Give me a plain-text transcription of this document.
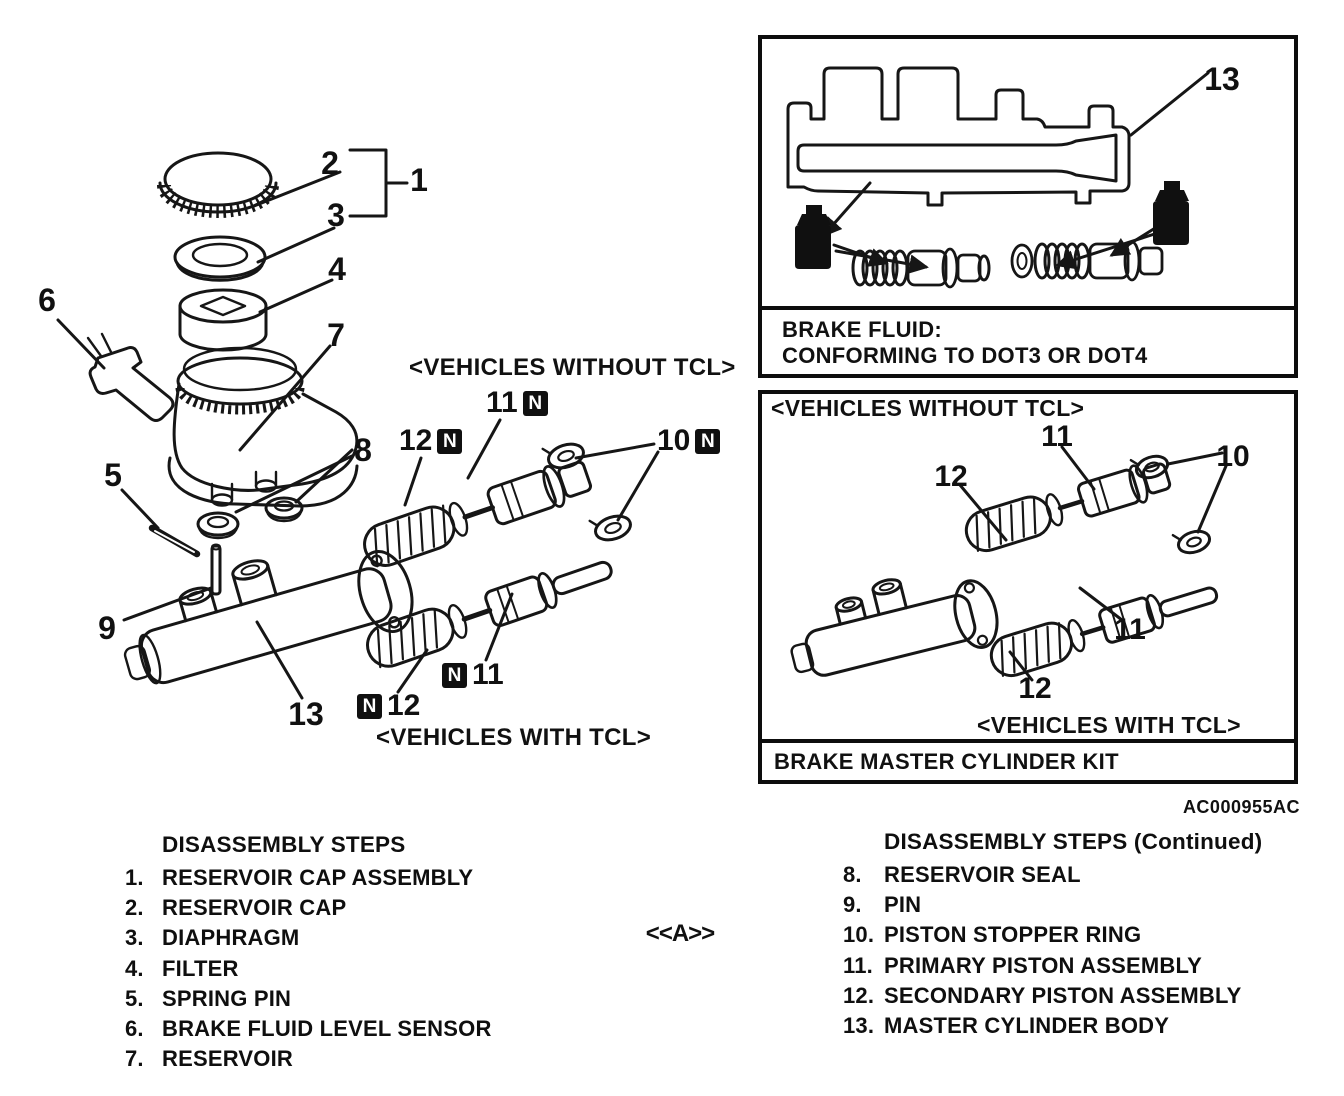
2
3
1
4
7
6
5
8
9
13
<VEHICLES WITHOUT TCL>
<VEHICLES WITH TCL>
11 N
12 N	10 N
N 11
N 12
13
BRAKE FLUID:
CONFORMING TO DOT3 OR DOT4
<VEHICLES WITHOUT TCL>
12
11
10
11
12
<VEHICLES WITH TCL>
BRAKE MASTER CYLINDER KIT
AC000955AC
DISASSEMBLY STEPS
1. RESERVOIR CAP ASSEMBLY
2. RESERVOIR CAP
3. DIAPHRAGM
4. FILTER
5. SPRING PIN
6. BRAKE FLUID LEVEL SENSOR
7. RESERVOIR
<<A>>
DISASSEMBLY STEPS (Continued)
8.	RESERVOIR SEAL
9.	PIN
10. PISTON STOPPER RING
11. PRIMARY PISTON ASSEMBLY
12. SECONDARY PISTON ASSEMBLY
13. MASTER CYLINDER BODY
